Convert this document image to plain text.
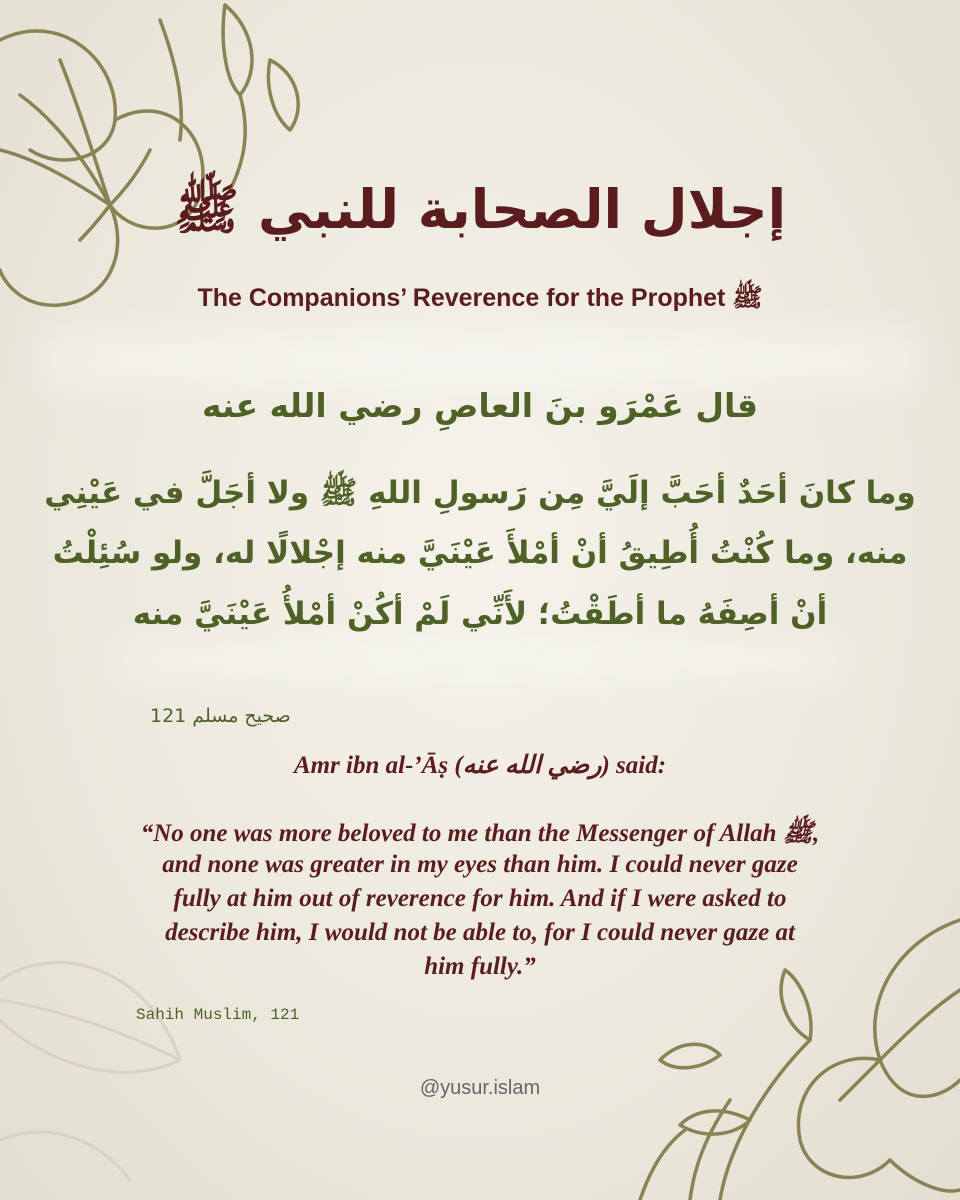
إجلال الصحابة للنبي ﷺ
The Companions’ Reverence for the Prophet ﷺ

قال عَمْرَو بنَ العاصِ رضي الله عنه

وما كانَ أحَدٌ أحَبَّ إلَيَّ مِن رَسولِ اللهِ ﷺ ولا أجَلَّ في عَيْنِي

منه، وما كُنْتُ أُطِيقُ أنْ أمْلأَ عَيْنَيَّ منه إجْلالًا له، ولو سُئِلْتُ

أنْ أصِفَهُ ما أطَقْتُ؛ لأَنِّي لَمْ أكُنْ أمْلأُ عَيْنَيَّ منه

صحيح مسلم 121

Amr ibn al-’Āṣ (رضي الله عنه) said:

“No one was more beloved to me than the Messenger of Allah ﷺ,

and none was greater in my eyes than him. I could never gaze

fully at him out of reverence for him. And if I were asked to

describe him, I would not be able to, for I could never gaze at

him fully.”

Sahih Muslim, 121

@yusur.islam
